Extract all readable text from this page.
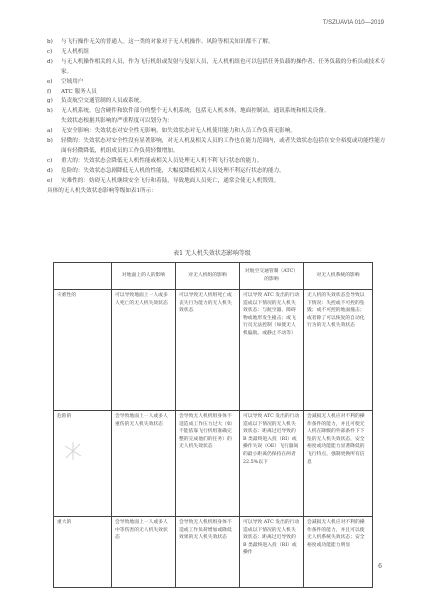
T/SZUAVIA 010—2019
b)	与飞行操作无关的普通人。这一类的对象对于无人机操作、风险等相关知识都不了解。
c)	无人机机组
d)	与无人机操作相关的人员，作为飞行机组或发射与复原人员，无人机机组也可以包括任务负载的操作者、任务负载的分析员或技术专家。
e)	空域用户
f)	ATC 服务人员
g)	负责航空交通管制的人员或系统。
h)	无人机系统，包含硬件和软件部分的整个无人机系统，包括无人机本体，地面控制站，通讯系统和相关设备。
失效状态根据其影响的严重程度可以划分为：
a)	无安全影响：失效状态对安全性无影响，如失效状态对无人机使用能力和人员工作负荷无影响。
b)	轻微的：失效状态对安全性没有显著影响，对无人机及相关人员的工作也在能力范围内，或者失效状态包括在安全裕度或功能性能方面有轻微降低，机组成员的工作负荷轻微增加。
c)	重大的：失效状态会降低无人机性能或相关人员处理无人机不利飞行状态的能力。
d)	危险的：失效状态急剧降低无人机的性能，大幅度降低相关人员处理不利运行状态的能力。
e)	灾难性的：妨碍无人机继续安全飞行和着陆，导致地面人员死亡，通常会使无人机毁毁。
具体的无人机失效状态影响等级如表1所示：
表1 无人机失效状态影响等级
	对地面上的人的影响	对无人机组的影响	对航空交通管制（ATC）的影响	对无人机系统的影响
灾难性的	可以导致地面上一人或多人死亡的无人机失效状态	可以导致无人机组死亡或丧失行为能力的无人机失效状态	可以导致 ATC 发出的行动造成以下情况的无人机失效状态：与航空器、障碍物或地形发生撞击；或飞行员无法控制（如使无人机偏航、或静止不动等）	无人机的失效状态会导致以下情况：失控或不可控的坠毁；或不可控的地面撞击；或者除了可以恢复的自动化行为的无人机失效状态
危险的	会导致地面上一人或多人重伤的无人机失效状态	会导致无人机机组身体不适造成工作压力过大（如不能依靠飞行机组准确完整的完成他们的任务）的无人机失效状态	可以导致 ATC 发出的行动造成以下情况的无人机失效状态：距离过近导致的 B 类最终进入投（RI）或操作失误（OE）飞行器间的最小距离仍保持在两者 22.5%以下	会减损无人机应对不利的操作条件的能力，并且可使无人机在降级的外部条件下下坠的无人机失效状态，安全裕度或功能能力显著降低的飞行特点，强制更换所有信息
重大的	会导致地面上一人或多人中等伤害的无人机失效状态	会导致无人机机组身体不适或工作负荷增加或降低效果的无人机失效状态	可以导致 ATC 发出的行动造成以下情况的无人机失效状态：距离过近导致的 B 类最终进入投（RI）或操作	会减损无人机应对不利的操作条件的能力，并且可以使无人机系统失效状态；安全裕度或功能能力明显
6
